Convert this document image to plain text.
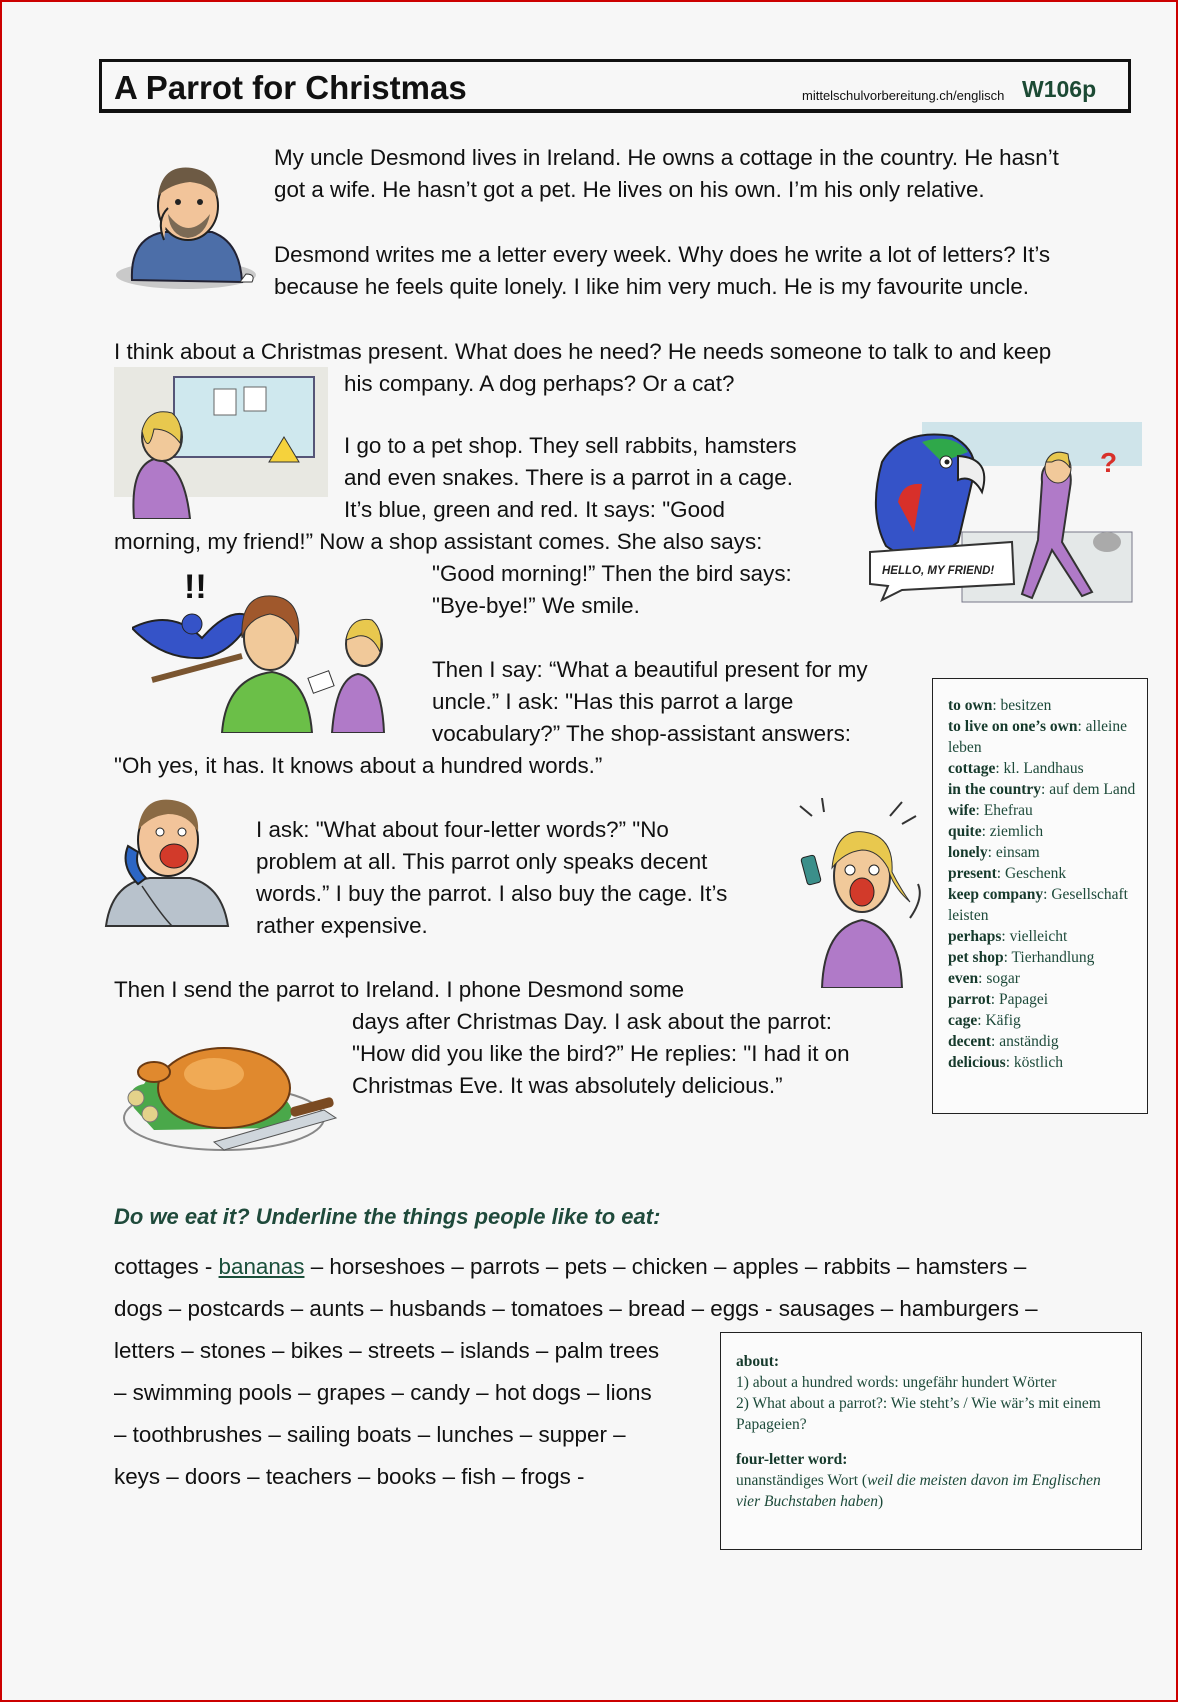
A Parrot for Christmas	mittelschulvorbereitung.ch/englisch W106p
My uncle Desmond lives in Ireland. He owns a cottage in the country. He hasn’t
got a wife. He hasn’t got a pet. He lives on his own. I’m his only relative.
Desmond writes me a letter every week. Why does he write a lot of letters? It’s
because he feels quite lonely. I like him very much. He is my favourite uncle.
I think about a Christmas present. What does he need? He needs someone to talk to and keep
his company. A dog perhaps? Or a cat?
I go to a pet shop. They sell rabbits, hamsters
and even snakes. There is a parrot in a cage.
It’s blue, green and red. It says: "Good
morning, my friend!” Now a shop assistant comes. She also says:
"Good morning!” Then the bird says:
"Bye-bye!” We smile.
HELLO, MY FRIEND!
?
!!
Then I say: “What a beautiful present for my
uncle.” I ask: "Has this parrot a large
vocabulary?” The shop-assistant answers:
"Oh yes, it has. It knows about a hundred words.”
I ask: "What about four-letter words?” "No
problem at all. This parrot only speaks decent
words.” I buy the parrot. I also buy the cage. It’s
rather expensive.
Then I send the parrot to Ireland. I phone Desmond some
days after Christmas Day. I ask about the parrot:
"How did you like the bird?” He replies: "I had it on
Christmas Eve. It was absolutely delicious.”

to own: besitzen

to live on one’s own: alleine leben

cottage: kl. Landhaus

in the country: auf dem Land

wife: Ehefrau

quite: ziemlich

lonely: einsam

present: Geschenk

keep company: Gesellschaft leisten

perhaps: vielleicht

pet shop: Tierhandlung

even: sogar

parrot: Papagei

cage: Käfig

decent: anständig

delicious: köstlich

Do we eat it? Underline the things people like to eat:
cottages - bananas – horseshoes – parrots – pets – chicken – apples – rabbits – hamsters –
dogs – postcards – aunts – husbands – tomatoes – bread – eggs - sausages – hamburgers –
letters – stones – bikes – streets – islands – palm trees
– swimming pools – grapes – candy – hot dogs – lions
– toothbrushes – sailing boats – lunches – supper –
keys – doors – teachers – books – fish – frogs -

about:

1) about a hundred words: ungefähr hundert Wörter

2) What about a parrot?: Wie steht’s / Wie wär’s mit einem Papageien?

four-letter word:

unanständiges Wort (weil die meisten davon im Englischen vier Buchstaben haben)
